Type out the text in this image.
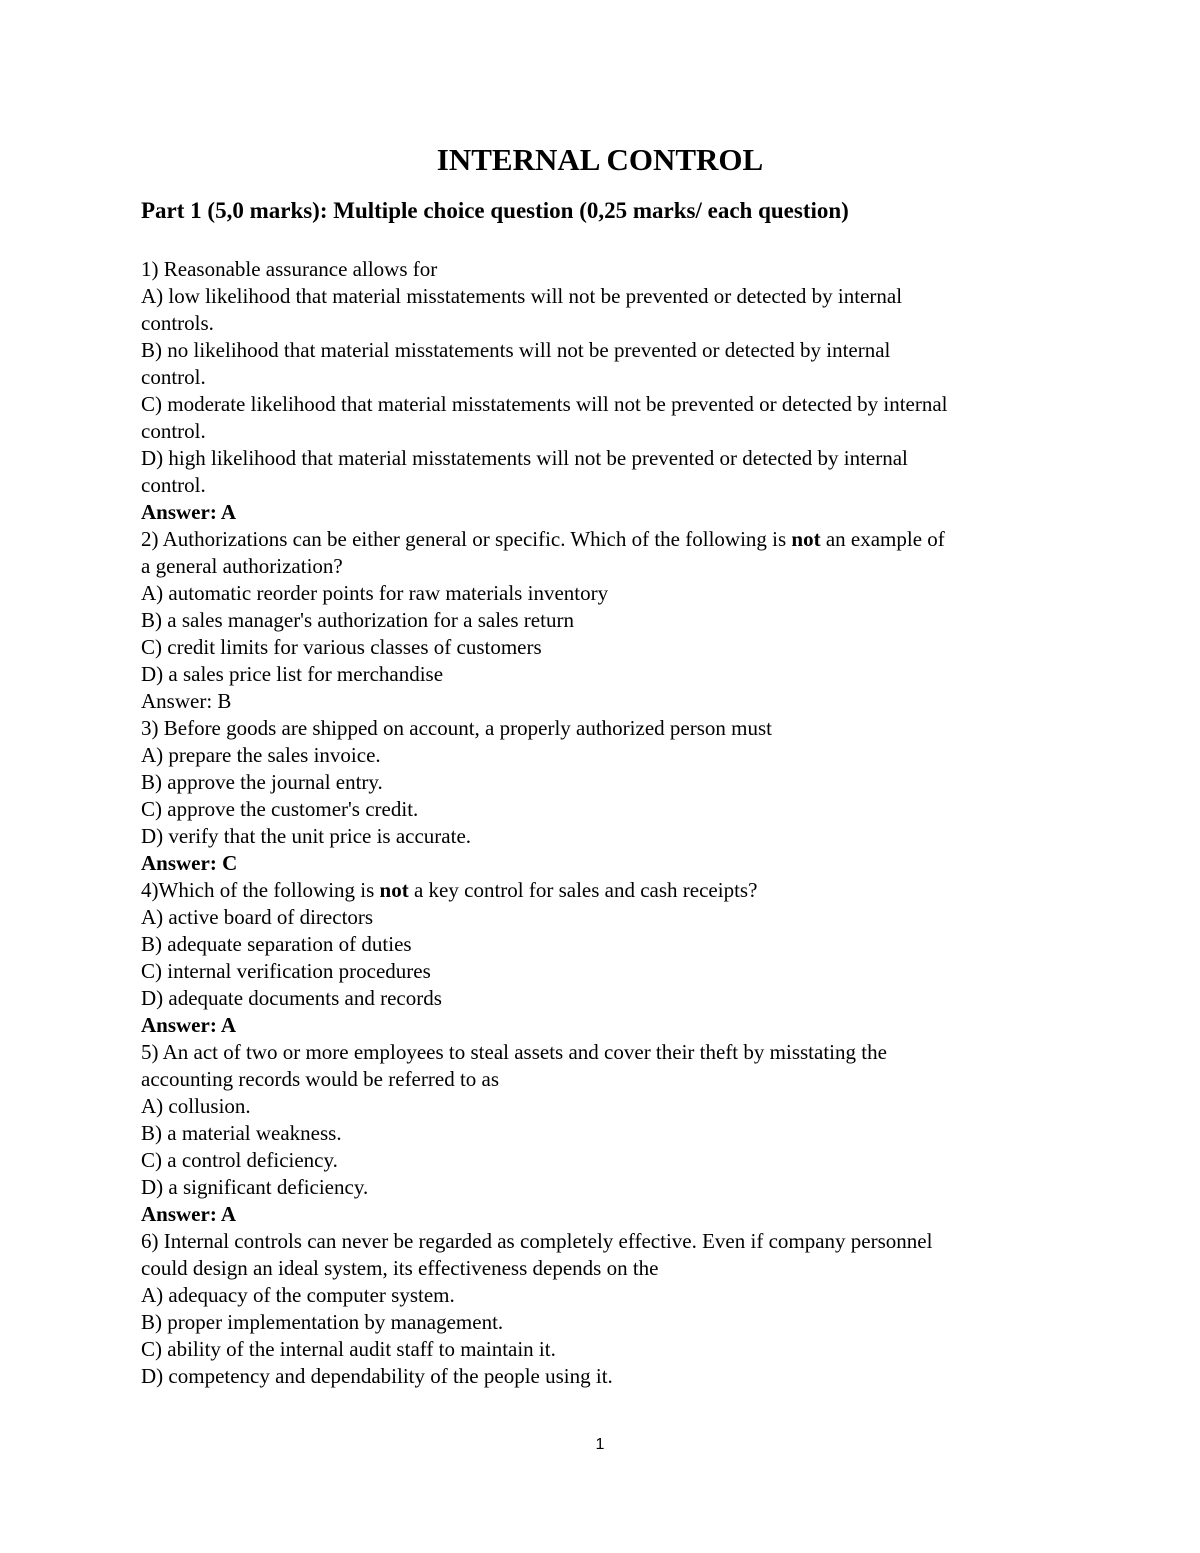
INTERNAL CONTROL
Part 1 (5,0 marks): Multiple choice question (0,25 marks/ each question)
1) Reasonable assurance allows for
A) low likelihood that material misstatements will not be prevented or detected by internal
controls.
B) no likelihood that material misstatements will not be prevented or detected by internal
control.
C) moderate likelihood that material misstatements will not be prevented or detected by internal
control.
D) high likelihood that material misstatements will not be prevented or detected by internal
control.
Answer: A
2) Authorizations can be either general or specific. Which of the following is not an example of
a general authorization?
A) automatic reorder points for raw materials inventory
B) a sales manager's authorization for a sales return
C) credit limits for various classes of customers
D) a sales price list for merchandise
Answer: B
3) Before goods are shipped on account, a properly authorized person must
A) prepare the sales invoice.
B) approve the journal entry.
C) approve the customer's credit.
D) verify that the unit price is accurate.
Answer: C
4)Which of the following is not a key control for sales and cash receipts?
A) active board of directors
B) adequate separation of duties
C) internal verification procedures
D) adequate documents and records
Answer: A
5) An act of two or more employees to steal assets and cover their theft by misstating the
accounting records would be referred to as
A) collusion.
B) a material weakness.
C) a control deficiency.
D) a significant deficiency.
Answer: A
6) Internal controls can never be regarded as completely effective. Even if company personnel
could design an ideal system, its effectiveness depends on the
A) adequacy of the computer system.
B) proper implementation by management.
C) ability of the internal audit staff to maintain it.
D) competency and dependability of the people using it.
1
